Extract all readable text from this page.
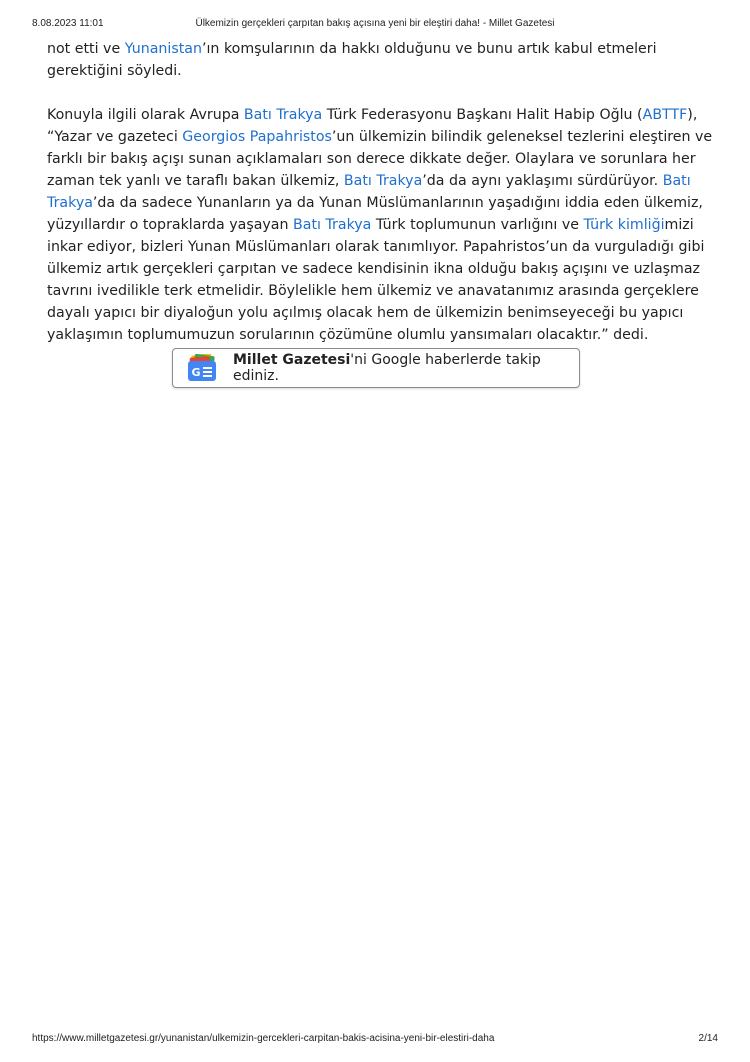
8.08.2023 11:01	Ülkemizin gerçekleri çarpıtan bakış açısına yeni bir eleştiri daha! - Millet Gazetesi

not etti ve Yunanistan’ın komşularının da hakkı olduğunu ve bunu artık kabul etmeleri gerektiğini söyledi.

Konuyla ilgili olarak Avrupa Batı Trakya Türk Federasyonu Başkanı Halit Habip Oğlu (ABTTF), “Yazar ve gazeteci Georgios Papahristos’un ülkemizin bilindik geleneksel tezlerini eleştiren ve farklı bir bakış açışı sunan açıklamaları son derece dikkate değer. Olaylara ve sorunlara her zaman tek yanlı ve taraflı bakan ülkemiz, Batı Trakya’da da aynı yaklaşımı sürdürüyor. Batı Trakya’da da sadece Yunanların ya da Yunan Müslümanlarının yaşadığını iddia eden ülkemiz, yüzyıllardır o topraklarda yaşayan Batı Trakya Türk toplumunun varlığını ve Türk kimliğimizi inkar ediyor, bizleri Yunan Müslümanları olarak tanımlıyor. Papahristos’un da vurguladığı gibi ülkemiz artık gerçekleri çarpıtan ve sadece kendisinin ikna olduğu bakış açışını ve uzlaşmaz tavrını ivedilikle terk etmelidir. Böylelikle hem ülkemiz ve anavatanımız arasında gerçeklere dayalı yapıcı bir diyaloğun yolu açılmış olacak hem de ülkemizin benimseyeceği bu yapıcı yaklaşımın toplumumuzun sorularının çözümüne olumlu yansımaları olacaktır.” dedi.

G
Millet Gazetesi'ni Google haberlerde takip ediniz.
https://www.milletgazetesi.gr/yunanistan/ulkemizin-gercekleri-carpitan-bakis-acisina-yeni-bir-elestiri-daha	2/14
